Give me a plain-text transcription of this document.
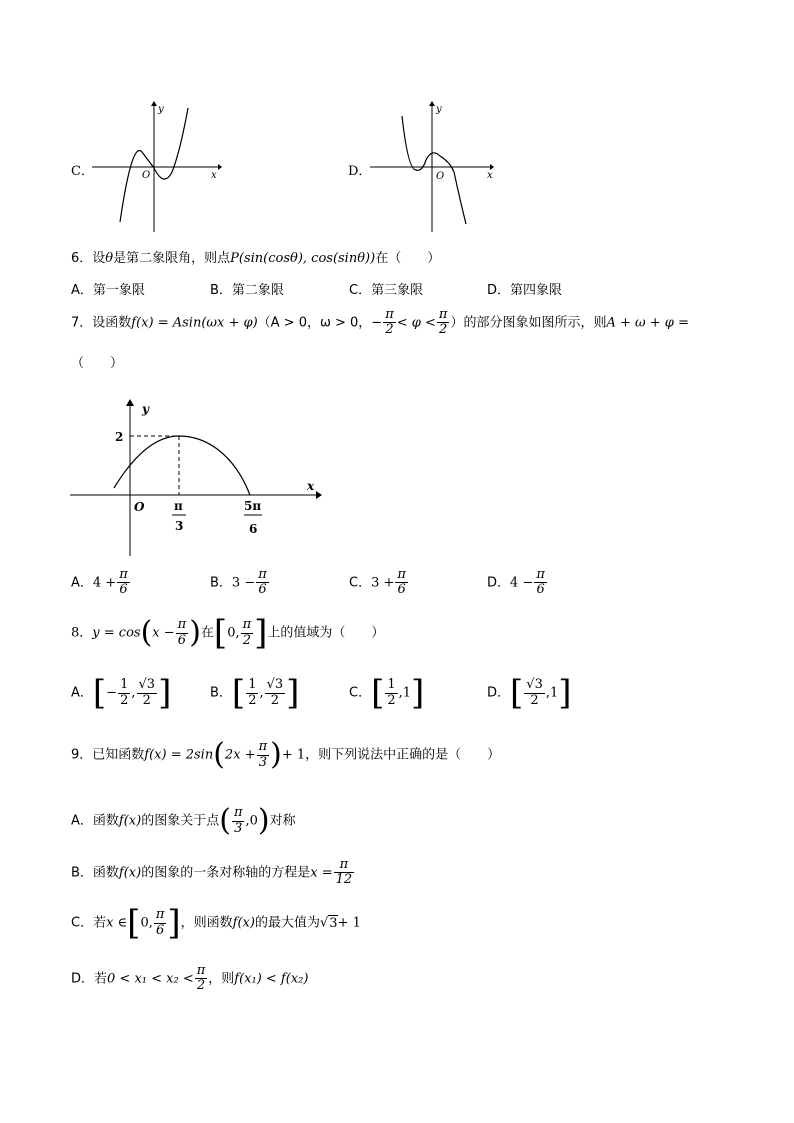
C．
y
x
O	D．
y
x
O
6．设θ是第二象限角，则点P(sin(cosθ), cos(sinθ))在（　　）
A．第一象限	B．第二象限	C．第三象限	D．第四象限
7．设函数f(x) = Asin(ωx + φ)（A > 0，ω > 0，− $\frac{\pi}{2} < \varphi < \frac{\pi}{2}$ ）的部分图象如图所示，则A + ω + φ =
（　　）
y
x
O
2
π
3
5π
6
A．$4 + \frac{\pi}{6}$	B．$3 - \frac{\pi}{6}$	C．$3 + \frac{\pi}{6}$	D．$4 - \frac{\pi}{6}$
8．$y = \cos(x - \frac{\pi}{6}$ )在[0, $\frac{\pi}{2}$ ]上的值域为（　　）
A．[− $\frac{1}{2}$ , $\frac{√3}{2}$ ]	B．[ $\frac{1}{2}$ , $\frac{√3}{2}$ ]	C．[ $\frac{1}{2} ,1$]	D．[ $\frac{√3}{2} ,1$]
9．已知函数$f(x) = 2\sin(2x + \frac{\pi}{3}$ )+ 1，则下列说法中正确的是（　　）
A．函数f(x)的图象关于点( $\frac{\pi}{3} ,0$)对称
B．函数f(x)的图象的一条对称轴的方程是$x = \frac{\pi}{12}$
C．若x ∈[0, $\frac{\pi}{6}$ ]，则函数f(x)的最大值为√3+ 1
D．若$0 < x_1 < x_2 < \frac{\pi}{2}$ ，则f(x₁) < f(x₂)
